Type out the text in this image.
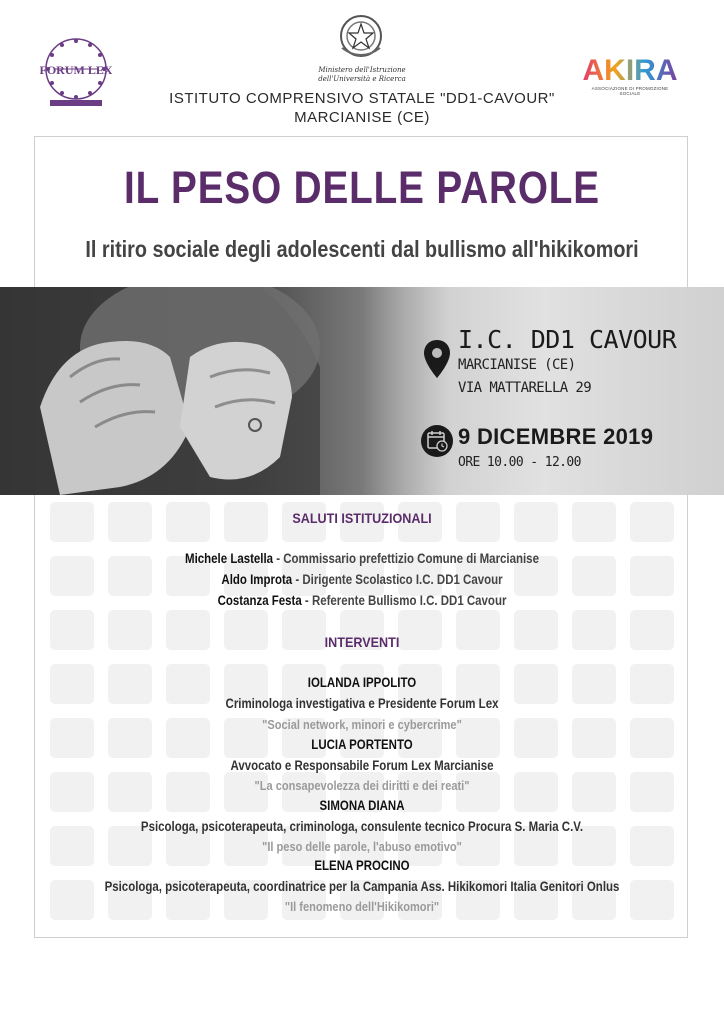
FORUM LEX	Ministero dell'Istruzione
dell'Università e Ricerca
ISTITUTO COMPRENSIVO STATALE "DD1-CAVOUR"
MARCIANISE (CE)
AKIRA
ASSOCIAZIONE DI PROMOZIONE SOCIALE
IL PESO DELLE PAROLE
Il ritiro sociale degli adolescenti dal bullismo all'hikikomori
I.C. DD1 CAVOUR
MARCIANISE (CE)
VIA MATTARELLA 29
9 DICEMBRE 2019
ORE 10.00 - 12.00
SALUTI ISTITUZIONALI
Michele Lastella - Commissario prefettizio Comune di Marcianise
Aldo Improta - Dirigente Scolastico I.C. DD1 Cavour
Costanza Festa - Referente Bullismo I.C. DD1 Cavour
INTERVENTI
IOLANDA IPPOLITO
Criminologa investigativa e Presidente Forum Lex
"Social network, minori e cybercrime"
LUCIA PORTENTO
Avvocato e Responsabile Forum Lex Marcianise
"La consapevolezza dei diritti e dei reati"
SIMONA DIANA
Psicologa, psicoterapeuta, criminologa, consulente tecnico Procura S. Maria C.V.
"Il peso delle parole, l'abuso emotivo"
ELENA PROCINO
Psicologa, psicoterapeuta, coordinatrice per la Campania Ass. Hikikomori Italia Genitori Onlus
"Il fenomeno dell'Hikikomori"
